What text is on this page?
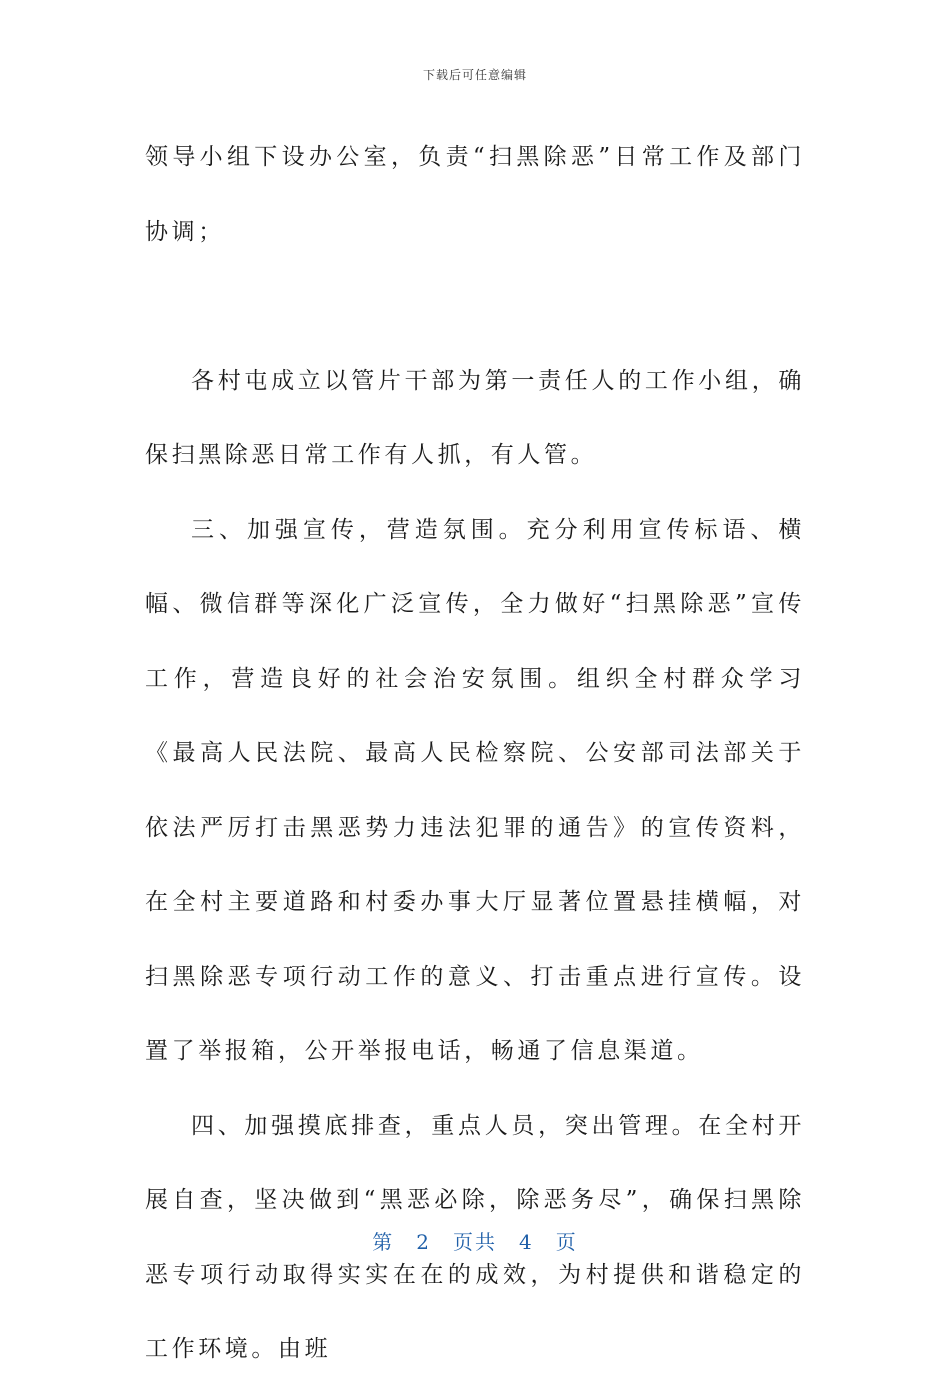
下载后可任意编辑

领导小组下设办公室，负责“扫黑除恶”日常工作及部门协调；

各村屯成立以管片干部为第一责任人的工作小组，确保扫黑除恶日常工作有人抓，有人管。

三、加强宣传，营造氛围。充分利用宣传标语、横幅、微信群等深化广泛宣传，全力做好“扫黑除恶”宣传工作，营造良好的社会治安氛围。组织全村群众学习《最高人民法院、最高人民检察院、公安部司法部关于依法严厉打击黑恶势力违法犯罪的通告》的宣传资料，在全村主要道路和村委办事大厅显著位置悬挂横幅，对扫黑除恶专项行动工作的意义、打击重点进行宣传。设置了举报箱，公开举报电话，畅通了信息渠道。

四、加强摸底排查，重点人员，突出管理。在全村开展自查，坚决做到“黑恶必除，除恶务尽”，确保扫黑除恶专项行动取得实实在在的成效，为村提供和谐稳定的工作环境。由班

第 2 页共 4 页
